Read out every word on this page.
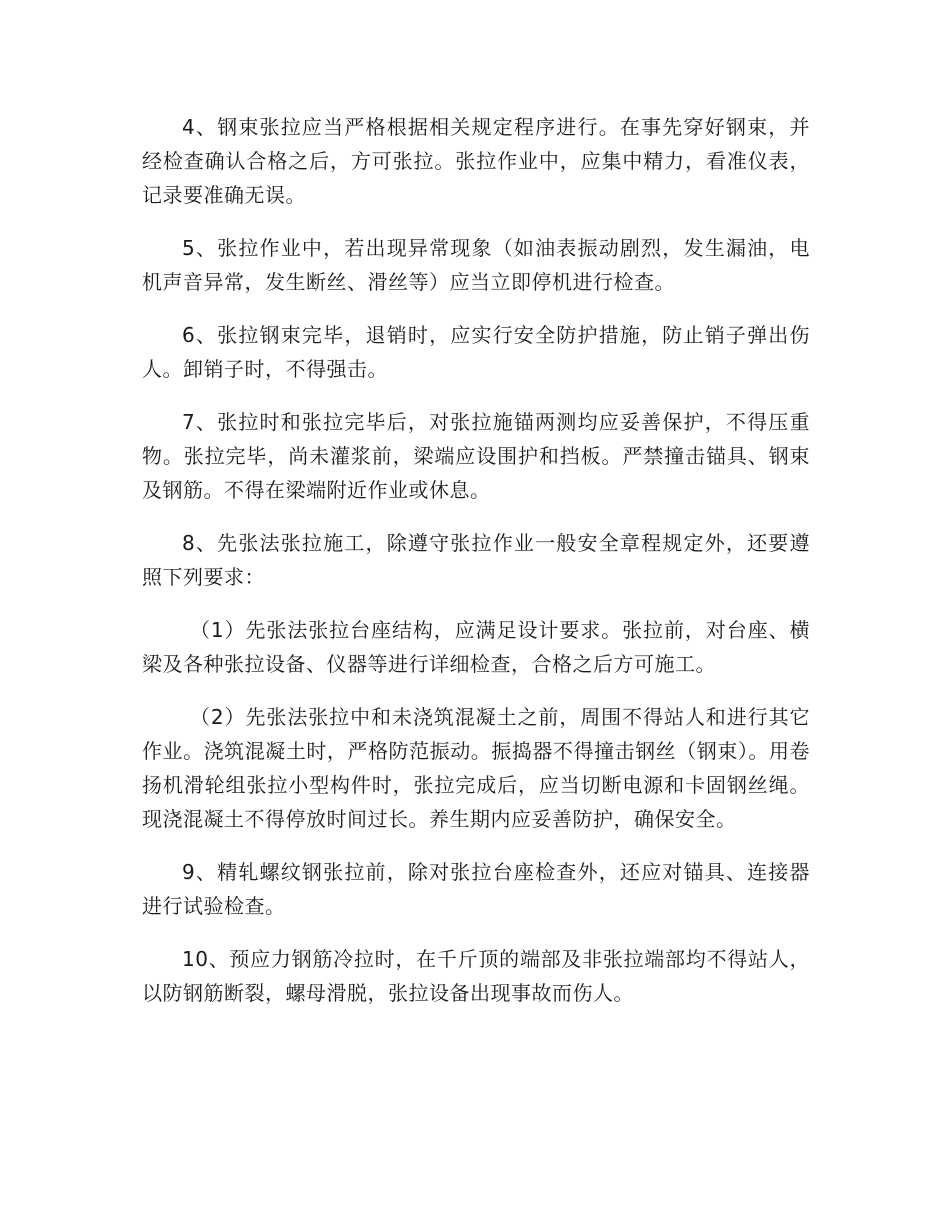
4、钢束张拉应当严格根据相关规定程序进行。在事先穿好钢束，并经检查确认合格之后，方可张拉。张拉作业中，应集中精力，看准仪表，记录要准确无误。

5、张拉作业中，若出现异常现象（如油表振动剧烈，发生漏油，电机声音异常，发生断丝、滑丝等）应当立即停机进行检查。

6、张拉钢束完毕，退销时，应实行安全防护措施，防止销子弹出伤人。卸销子时，不得强击。

7、张拉时和张拉完毕后，对张拉施锚两测均应妥善保护，不得压重物。张拉完毕，尚未灌浆前，梁端应设围护和挡板。严禁撞击锚具、钢束及钢筋。不得在梁端附近作业或休息。

8、先张法张拉施工，除遵守张拉作业一般安全章程规定外，还要遵照下列要求：

（1）先张法张拉台座结构，应满足设计要求。张拉前，对台座、横梁及各种张拉设备、仪器等进行详细检查，合格之后方可施工。

（2）先张法张拉中和未浇筑混凝土之前，周围不得站人和进行其它作业。浇筑混凝土时，严格防范振动。振捣器不得撞击钢丝（钢束）。用卷扬机滑轮组张拉小型构件时，张拉完成后，应当切断电源和卡固钢丝绳。现浇混凝土不得停放时间过长。养生期内应妥善防护，确保安全。

9、精轧螺纹钢张拉前，除对张拉台座检查外，还应对锚具、连接器进行试验检查。

10、预应力钢筋冷拉时，在千斤顶的端部及非张拉端部均不得站人，以防钢筋断裂，螺母滑脱，张拉设备出现事故而伤人。
